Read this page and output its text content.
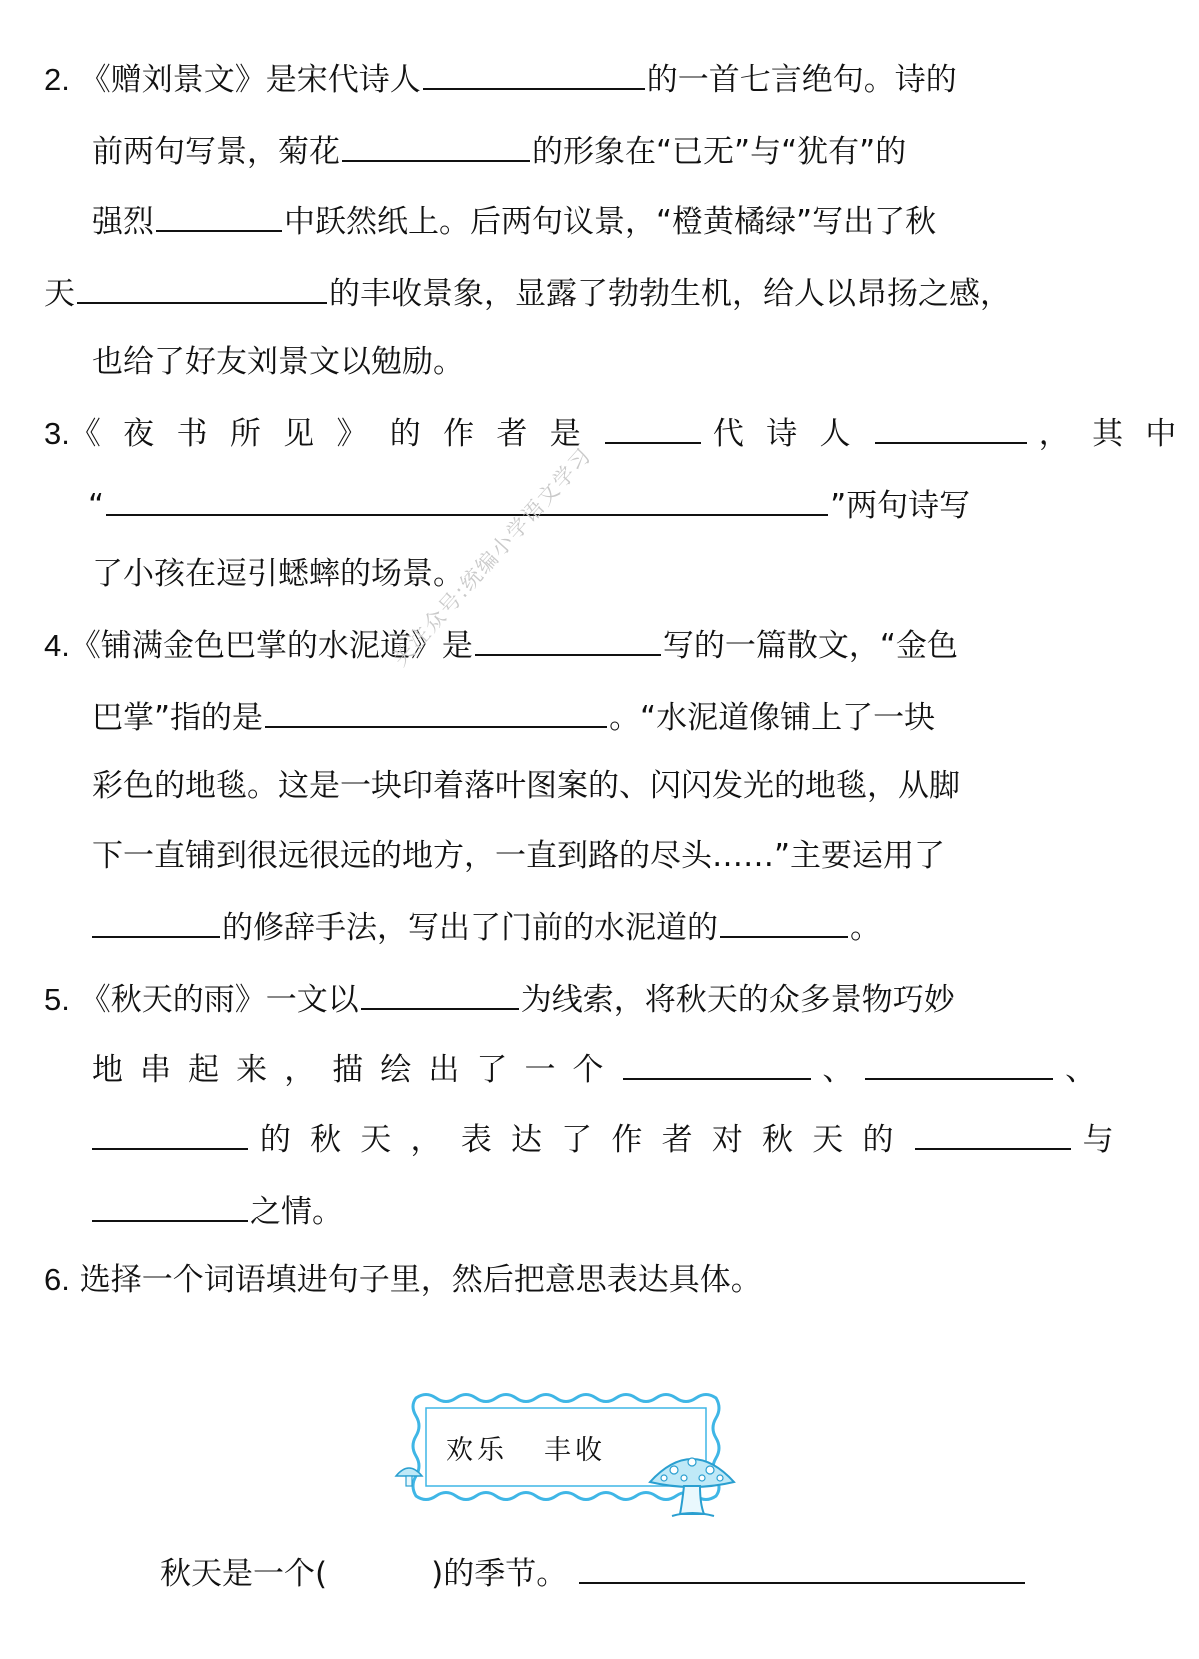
2. 《赠刘景文》是宋代诗人	的一首七言绝句。诗的
前两句写景，菊花	的形象在“已无”与“犹有”的
强烈	中跃然纸上。后两句议景，“橙黄橘绿”写出了秋
天	的丰收景象，显露了勃勃生机，给人以昂扬之感，
也给了好友刘景文以勉励。
3.《夜书所见》的作者是	代诗人	，其中
“	”两句诗写
了小孩在逗引蟋蟀的场景。
4.《铺满金色巴掌的水泥道》是	写的一篇散文，“金色
巴掌”指的是	。“水泥道像铺上了一块
彩色的地毯。这是一块印着落叶图案的、闪闪发光的地毯，从脚
下一直铺到很远很远的地方，一直到路的尽头……”主要运用了
的修辞手法，写出了门前的水泥道的	。
5. 《秋天的雨》一文以	为线索，将秋天的众多景物巧妙
地串起来，描绘出了一个	、	、
的秋天，表达了作者对秋天的	与
之情。
6. 选择一个词语填进句子里，然后把意思表达具体。
欢乐 丰收
秋天是一个(	)的季节。
关注众号:统编小学语文学习
